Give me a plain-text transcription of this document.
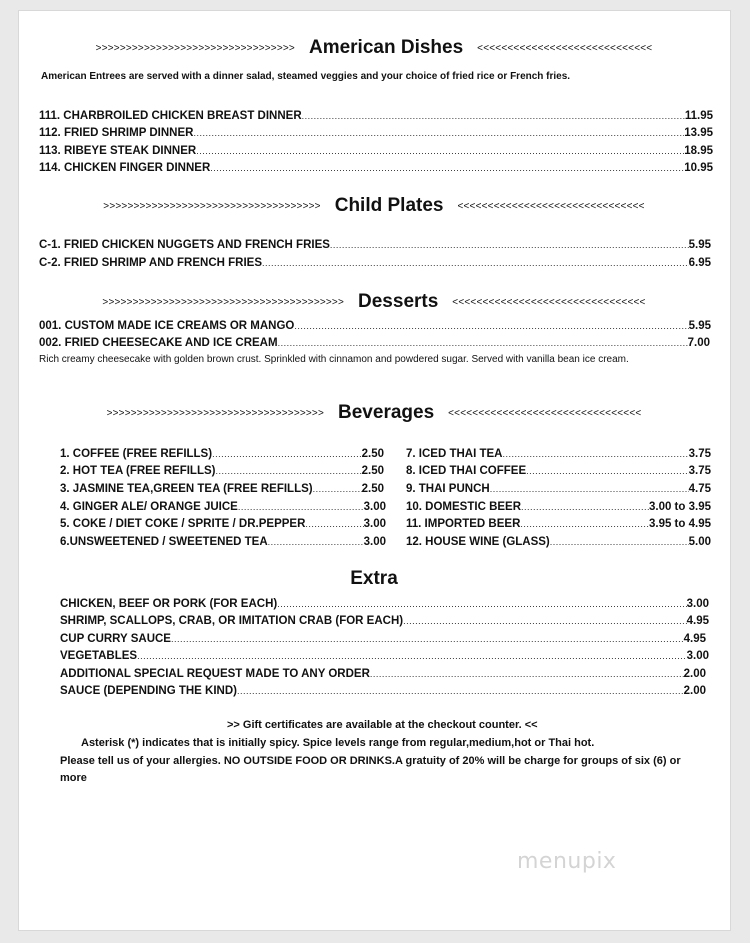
>>>>>>>>>>>>>>>>>>>>>>>>>>>>>>>>> American Dishes <<<<<<<<<<<<<<<<<<<<<<<<<<<<<
American Entrees are served with a dinner salad, steamed veggies and your choice of fried rice or French fries.
111. CHARBROILED CHICKEN BREAST DINNER .....	11.95
112. FRIED SHRIMP DINNER .....	13.95
113. RIBEYE STEAK DINNER .....	18.95
114. CHICKEN FINGER DINNER .....	10.95
>>>>>>>>>>>>>>>>>>>>>>>>>>>>>>>>>>>> Child Plates <<<<<<<<<<<<<<<<<<<<<<<<<<<<<<<
C-1. FRIED CHICKEN NUGGETS AND FRENCH FRIES .....	5.95
C-2. FRIED SHRIMP AND FRENCH FRIES .....	6.95
>>>>>>>>>>>>>>>>>>>>>>>>>>>>>>>>>>>>>>>> Desserts <<<<<<<<<<<<<<<<<<<<<<<<<<<<<<<<
001. CUSTOM MADE ICE CREAMS OR MANGO .....	5.95
002. FRIED CHEESECAKE AND ICE CREAM .....	7.00
Rich creamy cheesecake with golden brown crust. Sprinkled with cinnamon and powdered sugar. Served with vanilla bean ice cream.
>>>>>>>>>>>>>>>>>>>>>>>>>>>>>>>>>>>> Beverages <<<<<<<<<<<<<<<<<<<<<<<<<<<<<<<<
1. COFFEE (FREE REFILLS) .....	2.50
2. HOT TEA (FREE REFILLS) .....	2.50
3. JASMINE TEA,GREEN TEA (FREE REFILLS) .....	2.50
4. GINGER ALE/ ORANGE JUICE .....	3.00
5. COKE / DIET COKE / SPRITE / DR.PEPPER .....	3.00
6.UNSWEETENED / SWEETENED TEA .....	3.00
7. ICED THAI TEA .....	3.75
8. ICED THAI COFFEE .....	3.75
9. THAI PUNCH .....	4.75
10. DOMESTIC BEER .....	3.00 to 3.95
11. IMPORTED BEER .....	3.95 to 4.95
12. HOUSE WINE (GLASS) .....	5.00
Extra
CHICKEN, BEEF OR PORK (FOR EACH) .....	3.00
SHRIMP, SCALLOPS, CRAB, OR IMITATION CRAB (FOR EACH) .....	4.95
CUP CURRY SAUCE .....	4.95
VEGETABLES .....	3.00
ADDITIONAL SPECIAL REQUEST MADE TO ANY ORDER .....	2.00
SAUCE (DEPENDING THE KIND) .....	2.00
>> Gift certificates are available at the checkout counter. <<
Asterisk (*) indicates that is initially spicy. Spice levels range from regular,medium,hot or Thai hot.
Please tell us of your allergies. NO OUTSIDE FOOD OR DRINKS.A gratuity of 20% will be charge for groups of six (6) or more
menupix
